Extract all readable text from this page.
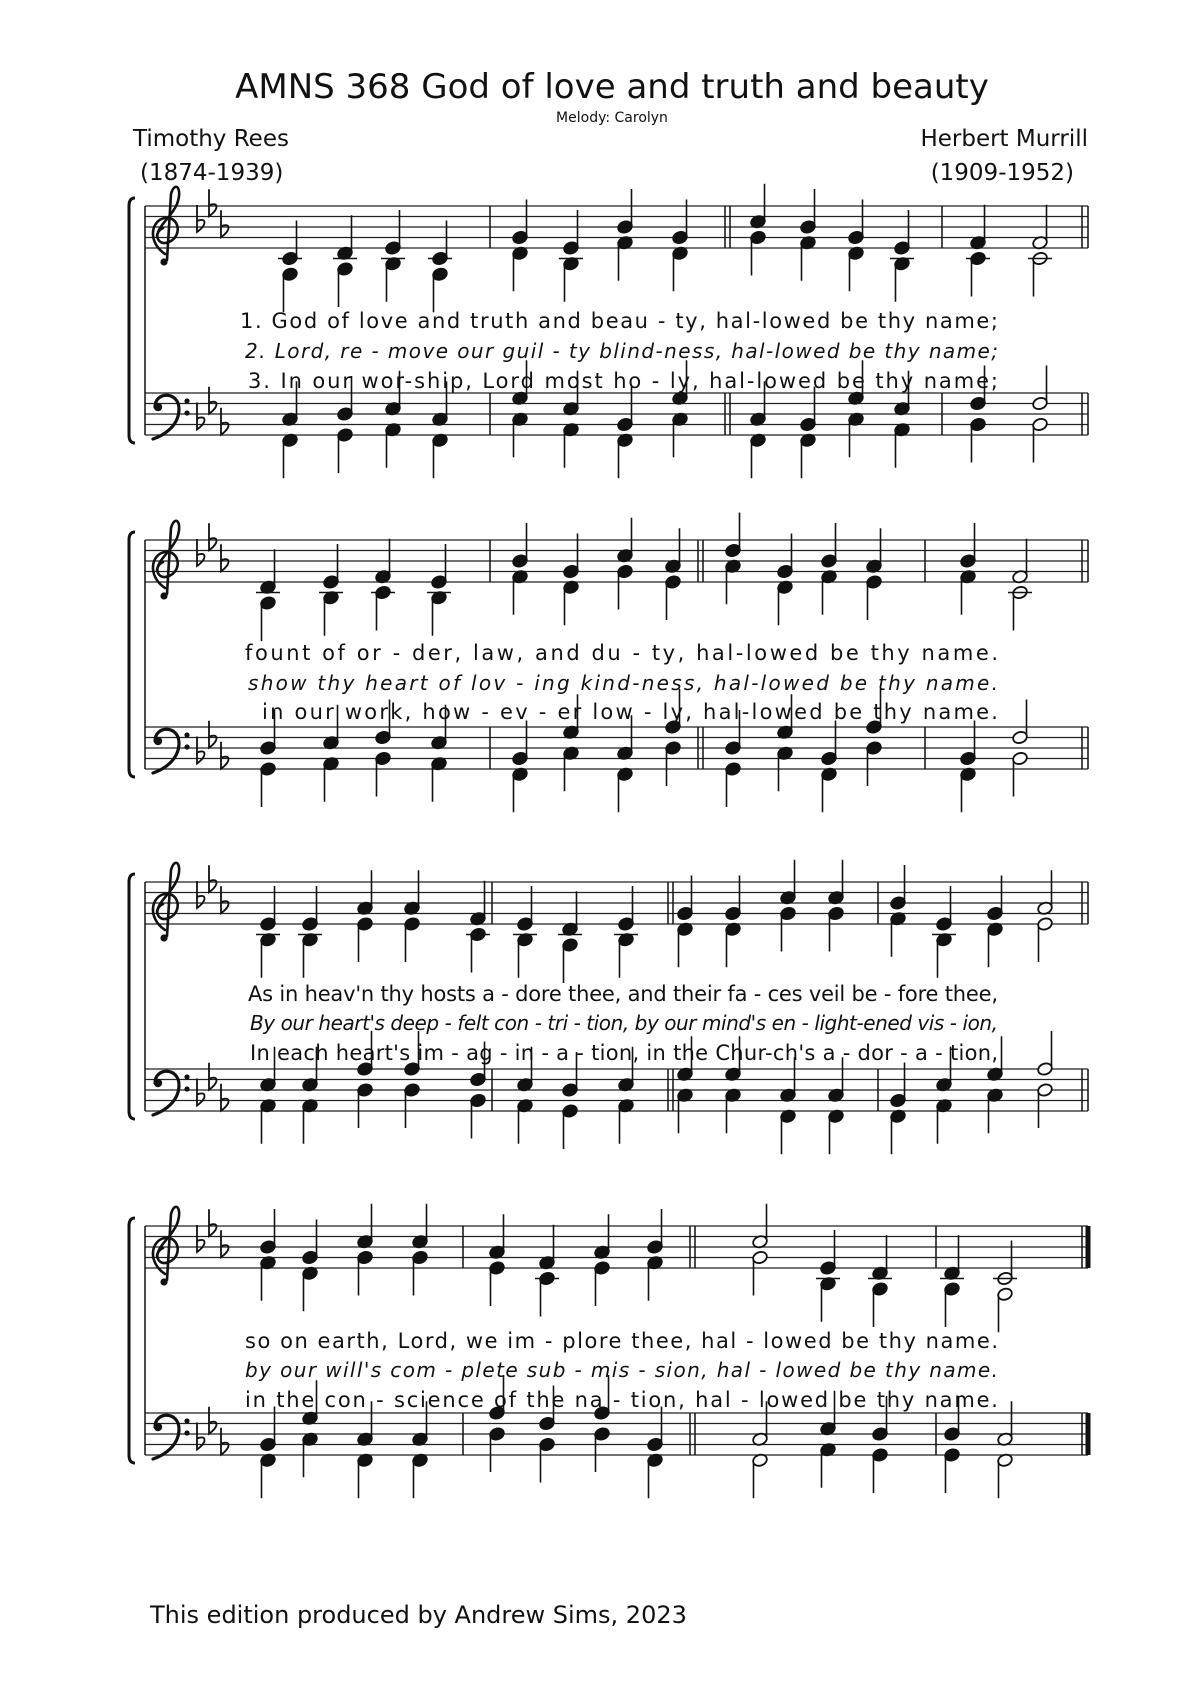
AMNS 368 God of love and truth and beauty
Melody: Carolyn
Timothy Rees
(1874-1939)
Herbert Murrill
(1909-1952)
1. God of love and truth and beau - ty, hal-lowed be thy name;
2. Lord, re - move our guil - ty blind-ness, hal-lowed be thy name;
3. In our wor-ship, Lord most ho - ly, hal-lowed be thy name;
fount of or - der, law, and du - ty, hal-lowed be thy name.
show thy heart of lov - ing kind-ness, hal-lowed be thy name.
in our work, how - ev - er low - ly, hal-lowed be thy name.
As in heav'n thy hosts a - dore thee, and their fa - ces veil be - fore thee,
By our heart's deep - felt con - tri - tion, by our mind's en - light-ened vis - ion,
In each heart's im - ag - in - a - tion, in the Chur-ch's a - dor - a - tion,
so on earth, Lord, we im - plore thee, hal - lowed be thy name.
by our will's com - plete sub - mis - sion, hal - lowed be thy name.
in the con - science of the na - tion, hal - lowed be thy name.
This edition produced by Andrew Sims, 2023
